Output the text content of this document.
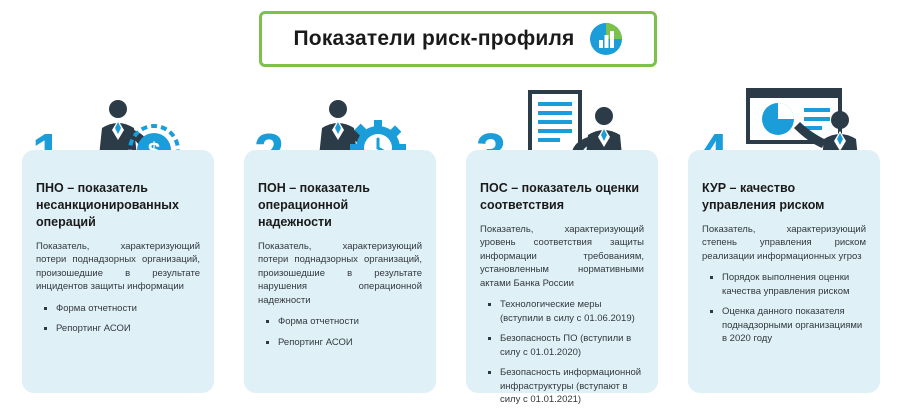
Показатели риск-профиля

ПНО – показатель несанкционированных операций

Показатель, характеризующий потери поднадзорных организаций, произошедшие в результате инцидентов защиты информации

Форма отчетности
Репортинг АСОИ

ПОН – показатель операционной надежности

Показатель, характеризующий потери поднадзорных организаций, произошедшие в результате нарушения операционной надежности

Форма отчетности
Репортинг АСОИ

ПОС – показатель оценки соответствия

Показатель, характеризующий уровень соответствия защиты информации требованиям, установленным нормативными актами Банка России

Технологические меры (вступили в силу с 01.06.2019)
Безопасность ПО (вступили в силу с 01.01.2020)
Безопасность информационной инфраструктуры (вступают в силу с 01.01.2021)

КУР – качество управления риском

Показатель, характеризующий степень управления риском реализации информационных угроз

Порядок выполнения оценки качества управления риском
Оценка данного показателя поднадзорными организациями в 2020 году
